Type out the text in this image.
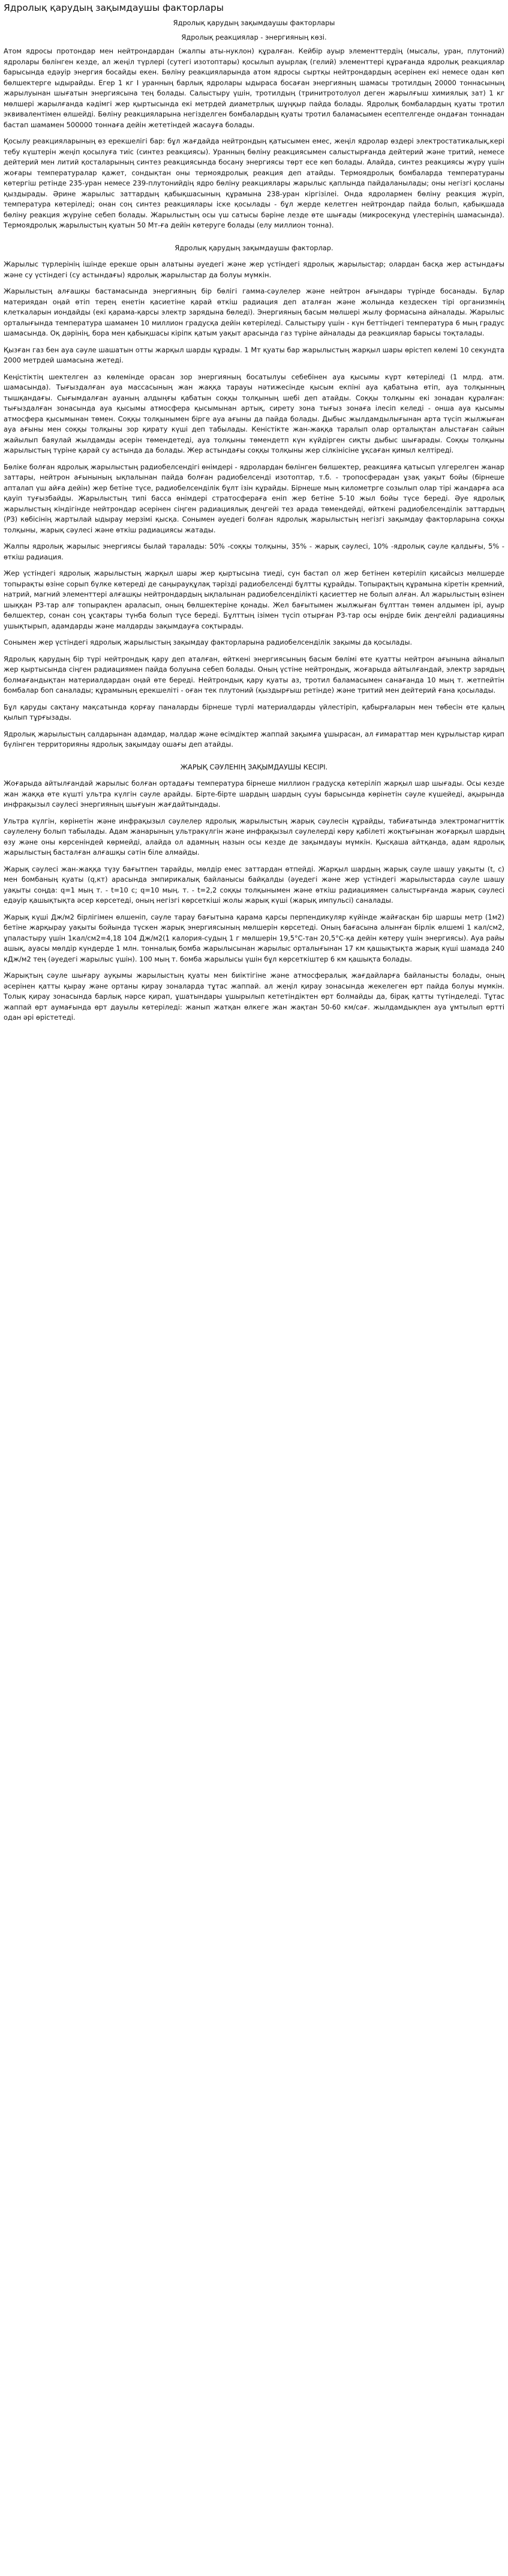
Ядролық қарудың зақымдаушы факторлары
Ядролық қарудың зақымдаушы факторлары
Ядролық реакциялар - энергияның көзі.

Атом ядросы протондар мен нейтрондардан (жалпы аты-нуклон) құралған. Кейбір ауыр элементтердің (мысалы, уран, плутоний) ядролары бөлінген кезде, ал жеңіл түрлері (сутегі изотоптары) қосылып ауырлақ (гелий) элементтері құрағанда ядролық реакциялар барысында едәуір энергия босайды екен. Бөліну реакцияларында атом ядросы сыртқы нейтрондардың әсерінен екі немесе одан көп бөлшектерге ыдырайды. Егер 1 кг I уранның барлық ядролары ыдыраса босаған энергияның шамасы тротилдың 20000 тоннасының жарылуынан шығатын энергиясына тең болады. Салыстыру үшін, тротилдың (тринитротолуол деген жарылғыш химиялық зат) 1 кг мөлшері жарылғанда кәдімгі жер қыртысында екі метрдей диаметрлық шұңқыр пайда болады. Ядролық бомбалардың қуаты тротил эквивалентімен өлшейді. Бөліну реакцияларына негізделген бомбалардың қуаты тротил баламасымен есептелгенде ондаған тоннадан бастап шамамен 500000 тоннаға дейін жететіндей жасауға болады.

Қосылу реакцияларының өз ерекшелігі бар: бұл жағдайда нейтрондың қатысымен емес, жеңіл ядролар өздері электростатикалық,кері тебу күштерін жеңіп қосылуға тиіс (синтез реакциясы). Уранның бөліну реакциясымен салыстырғанда дейтерий және тритий, немесе дейтерий мен литий қосталарының синтез реакциясында босану энергиясы төрт есе көп болады. Алайда, синтез реакциясы жүру үшін жоғары температуралар қажет, сондықтан оны термоядролық реакция деп атайды. Термоядролық бомбаларда температураны көтергіш ретінде 235-уран немесе 239-плутонийдің ядро бөліну реакциялары жарылыс қаплында пайдаланылады; оны негізгі қосланы қыздырады. Әрине жарылыс заттардың қабықшасының құрамына 238-уран кіргізілеі. Онда ядролармен бөліну реакция жүріп, температура көтеріледі; онан соң синтез реакциялары іске қосылады - бұл жерде келетген нейтрондар пайда болып, қабықшада бөліну реакция жүруіне себеп болады. Жарылыстың осы үш сатысы бәріне лезде өте шығады (микросекунд үлестерінің шамасында). Термоядролық жарылыстың қуатын 50 Мт-ға дейін көтеруге болады (елу миллион тонна).

Ядролық қарудың зақымдаушы факторлар.

Жарылыс түрлерінің ішінде ерекше орын алатыны әуедегі және жер үстіндегі ядролық жарылыстар; олардан басқа жер астындағы және су үстіндегі (су астындағы) ядролық жарылыстар да болуы мүмкін.

Жарылыстың алғашқы бастамасында энергияның бір бөлігі гамма-сәулелер және нейтрон ағындары түрінде босанады. Бұлар материядан оңай өтіп терең енетін қасиетіне қарай өткіш радиация деп аталған және жолында кездескен тірі организмнің клеткаларын иондайды (екі қарама-қарсы электр зарядына бөледі). Энергияның басым мөлшері жылу формасына айналады. Жарылыс орталығында температура шамамен 10 миллион градусқа дейін көтеріледі. Салыстыру үшін - күн беттіндегі температура 6 мың градус шамасында. Оқ дәрінің, бора мен қабықшасы кіріпк қатым уақыт арасында газ түріне айналады да реакциялар барысы тоқталады.

Қызған газ бен ауа сәуле шашатын отты жарқыл шарды құрады. 1 Мт қуаты бар жарылыстың жарқыл шары өрістеп көлемі 10 секундта 2000 метрдей шамасына жетеді.

Кеңістіктің шектелген аз көлемінде орасан зор энергияның босатылуы себебінен ауа қысымы күрт көтеріледі (1 млрд. атм. шамасында). Тығыздалған ауа массасының жан жаққа тарауы нәтижесінде қысым екпіні ауа қабатына өтіп, ауа толқынның тышқандағы. Сығымдалған ауаның алдыңғы қабатын соққы толқының шебі деп атайды. Соққы толқыны екі зонадан құралған: тығыздалған зонасында ауа қысымы атмосфера қысымынан артық, сирету зона тығыз зонаға ілесіп келеді - онша ауа қысымы атмосфера қысымынан төмен. Соққы толқынымен бірге ауа ағыны да пайда болады. Дыбыс жылдамдылығынан арта түсіп жылжыған ауа ағыны мен соққы толқыны зор қирату күші деп табылады. Кеністікте жан-жаққа таралып олар орталықтан алыстаған сайын жайылып баяулай жылдамды әсерін төмендетеді, ауа толқыны төмендетп күн күйдірген сиқты дыбыс шығарады. Соққы толқыны жарылыстың түріне қарай су астында да болады. Жер астындағы соққы толқыны жер сілкінісіне ұқсаған қимыл келтіреді.

Бөлiке болған ядролық жарылыстың радиобелсендігі өнімдері - ядролардан бөлінген бөлшектер, реакцияға қатысып үлгерелген жанар заттары, нейтрон ағынының ықпалынан пайда болған радиобелсенді изотоптар, т.б. - тропосферадан ұзақ уақыт бойы (бірнеше апталап үш айға дейін) жер бетіне түсе, радиобелсенділік бұлт ізін құрайды. Бірнеше мың километрге созылып олар тірі жандарға аса қауіп туғызбайды. Жарылыстың типі басса өнімдері стратосфераға еніп жер бетіне 5-10 жыл бойы түсе береді. Әуе ядролық жарылыстың кіндігінде нейтрондар әсерінен сіңген радиациялық деңгейі тез арада төмендейді, өйткені радиобелсенділік заттардың (РЗ) көбісінің жартылай ыдырау мерзімі қысқа. Сонымен әуедегі болған ядролық жарылыстың негізгі зақымдау факторларына соққы толқыны, жарық сәулесі және өткіш радиациясы жатады.

Жалпы ядролық жарылыс энергиясы былай таралады: 50% -соққы толқыны, 35% - жарық сәулесі, 10% -ядролық сәуле қалдығы, 5% - өткіш радиация.

Жер үстіндегі ядролық жарылыстың жарқыл шары жер қыртысына тиеді, сун бастап ол жер бетінен көтеріліп қисайсыз мөлшерде топырақты өзіне сорып бүлке көтереді де саңырауқұлақ тәрізді радиобелсенді бұлтты құрайды. Топырақтың құрамына кіретін кремний, натрий, магний элементтері алғашқы нейтрондардың ықпалынан радиобелсенділікті қасиеттер не болып алған. Ал жарылыстың өзінен шыққан РЗ-тар алғ топырақпен араласып, оның бөлшектеріне қонады. Жел бағытымен жылжыған бұлттан төмен алдымен ірі, ауыр бөлшектер, сонан соң ұсақтары түнба болып түсе береді. Бұлттың ізімен түсіп отырған РЗ-тар осы өңірде биік деңгейлі радиацияны ушықтырып, адамдарды және малдарды зақымдауға соқтырады.

Сонымен жер үстіндегі ядролық жарылыстың зақымдау факторларына радиобелсенділік зақымы да қосылады.

Ядролық қарудың бір түрі нейтрондық қару деп аталған, өйткені энергиясының басым бөлімі өте қуатты нейтрон ағынына айналып жер қыртысында сіңген радиациямен пайда болуына себеп болады. Оның үстіне нейтрондық, жоғарыда айтылғандай, электр зарядың болмағандықтан материалдардан оңай өте береді. Нейтрондық қару қуаты аз, тротил баламасымен санағанда 10 мың т. жетпейтін бомбалар боп саналады; құрамының ерекшеліті - оған тек плутоний (қыздырғыш ретінде) және тритий мен дейтерий ғана қосылады.

Бұл қаруды сақтану мақсатында қорғау паналарды бірнеше түрлі материалдарды үйлестіріп, қабырғаларын мен төбесін өте қалың қылып тұрғызады.

Ядролық жарылыстың салдарынан адамдар, малдар және өсімдіктер жаппай зақымға ұшырасан, ал ғимараттар мен құрылыстар қирап бүлінген территорияны ядролық зақымдау ошағы деп атайды.

ЖАРЫҚ СӘУЛЕНІҢ ЗАҚЫМДАУШЫ КЕСІРІ.

Жоғарыда айтылғандай жарылыс болған ортадағы температура бірнеше миллион градусқа көтеріліп жарқыл шар шығады. Осы кезде жан жаққа өте күшті ультра күлгін сәуле арайды. Бірте-бірте шардың шардың сууы барысында көрінетін сәуле күшейеді, ақырында инфрақызыл сәулесі энергияның шығуын жағдайтындады.

Ультра күлгін, көрінетін және инфрақызыл сәулелер ядролық жарылыстың жарық сәулесін құрайды, табиғатында электромагниттік сәулелену болып табылады. Адам жанарының ультракүлгін және инфрақызыл сәулелерді көру қабілеті жоқтығынан жоғарқыл шардың өзу және оны көрсеніндей көрмейді, алайда ол адамның назын осы кезде де зақымдауы мүмкін. Қысқаша айтқанда, адам ядролық жарылыстың басталған алғашқы сәтін біле алмайды.

Жарық сәулесі жан-жаққа түзу бағытпен тарайды, мөлдір емес заттардан өтпейді. Жарқыл шардың жарық сәуле шашу уақыты (t, c) мен бомбаның қуаты (q,кт) арасында эмпирикалық байланысы байқалды (әуедегі және жер үстіндегі жарылыстарда сәуле шашу уақыты соңда: q=1 мың т. - t=10 c; q=10 мың. т. - t=2,2 соққы толқынымен және өткіш радиациямен салыстырғанда жарық сәулесі едәуір қашықтықта әсер көрсетеді, оның негізгі көрсеткіші жолы жарық күші (жарық импульсі) саналады.

Жарық күші Дж/м2 бірлігімен өлшеніп, сәуле тарау бағытына қарама қарсы перпендикуляр күйінде жайғасқан бір шаршы метр (1м2) бетіне жарқырау уақыты бойында түскен жарық энергиясының мөлшерін көрсетеді. Оның бағасына алынған бірлік өлшемі 1 кал/см2, ұпаластыру үшін 1кал/см2=4,18 104 Дж/м2(1 калория-судың 1 г мөлшерін 19,5°С-тан 20,5°С-қа дейін көтеру үшін энергиясы). Ауа райы ашық, ауасы мөлдір күндерде 1 млн. тонналық бомба жарылысынан жарылыс орталығынан 17 км қашықтықта жарық күші шамада 240 кДж/м2 тең (әуедегі жарылыс үшін). 100 мың т. бомба жарылысы үшін бұл көрсеткіштер 6 км қашықта болады.

Жарықтың сәуле шығару ауқымы жарылыстың қуаты мен биіктігіне және атмосфералық жағдайларға байланысты болады, оның әсерінен қатты қырау және ортаны қирау зоналарда тұтас жаппай. ал жеңіл қирау зонасында жекелеген өрт пайда болуы мүмкін. Толық қирау зонасында барлық нәрсе қирап, ұшатындары ұшырылып кететіндіктен өрт болмайды да, бірақ қатты түтінделеді. Тұтас жаппай өрт аумағында өрт дауылы көтеріледі: жанып жатқан өлкеге жан жақтан 50-60 км/сағ. жылдамдықпен ауа ұмтылып өртті одан әрі өрістетеді.
